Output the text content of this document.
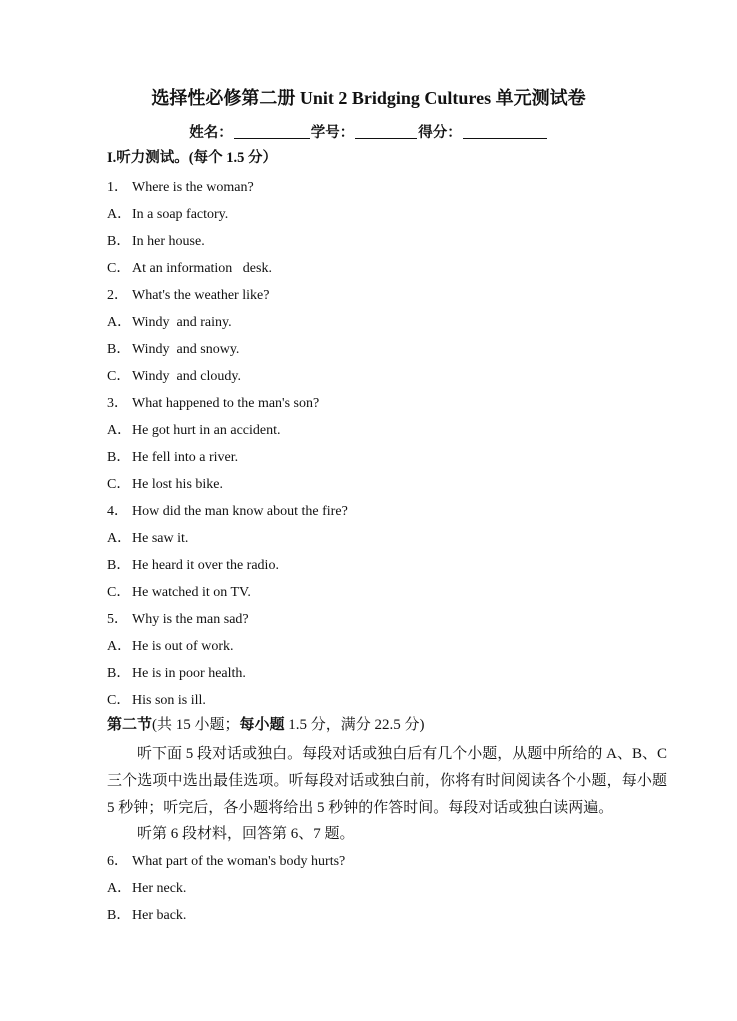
选择性必修第二册 Unit 2 Bridging Cultures 单元测试卷
姓名：	学号：	得分：
I.听力测试。(每个 1.5 分）
1． Where is the woman?
A．In a soap factory.
B． In her house.
C． At an information   desk.
2． What's the weather like?
A．Windy  and rainy.
B． Windy  and snowy.
C． Windy  and cloudy.
3． What happened to the man's son?
A．He got hurt in an accident.
B． He fell into a river.
C． He lost his bike.
4． How did the man know about the fire?
A．He saw it.
B． He heard it over the radio.
C． He watched it on TV.
5． Why is the man sad?
A．He is out of work.
B． He is in poor health.
C． His son is ill.
第二节(共 15 小题；每小题 1.5 分，满分 22.5 分)
听下面 5 段对话或独白。每段对话或独白后有几个小题，从题中所给的 A、B、C三个选项中选出最佳选项。听每段对话或独白前，你将有时间阅读各个小题，每小题 5 秒钟；听完后，各小题将给出 5 秒钟的作答时间。每段对话或独白读两遍。
听第 6 段材料，回答第 6、7 题。
6． What part of the woman's body hurts?
A．Her neck.
B． Her back.
